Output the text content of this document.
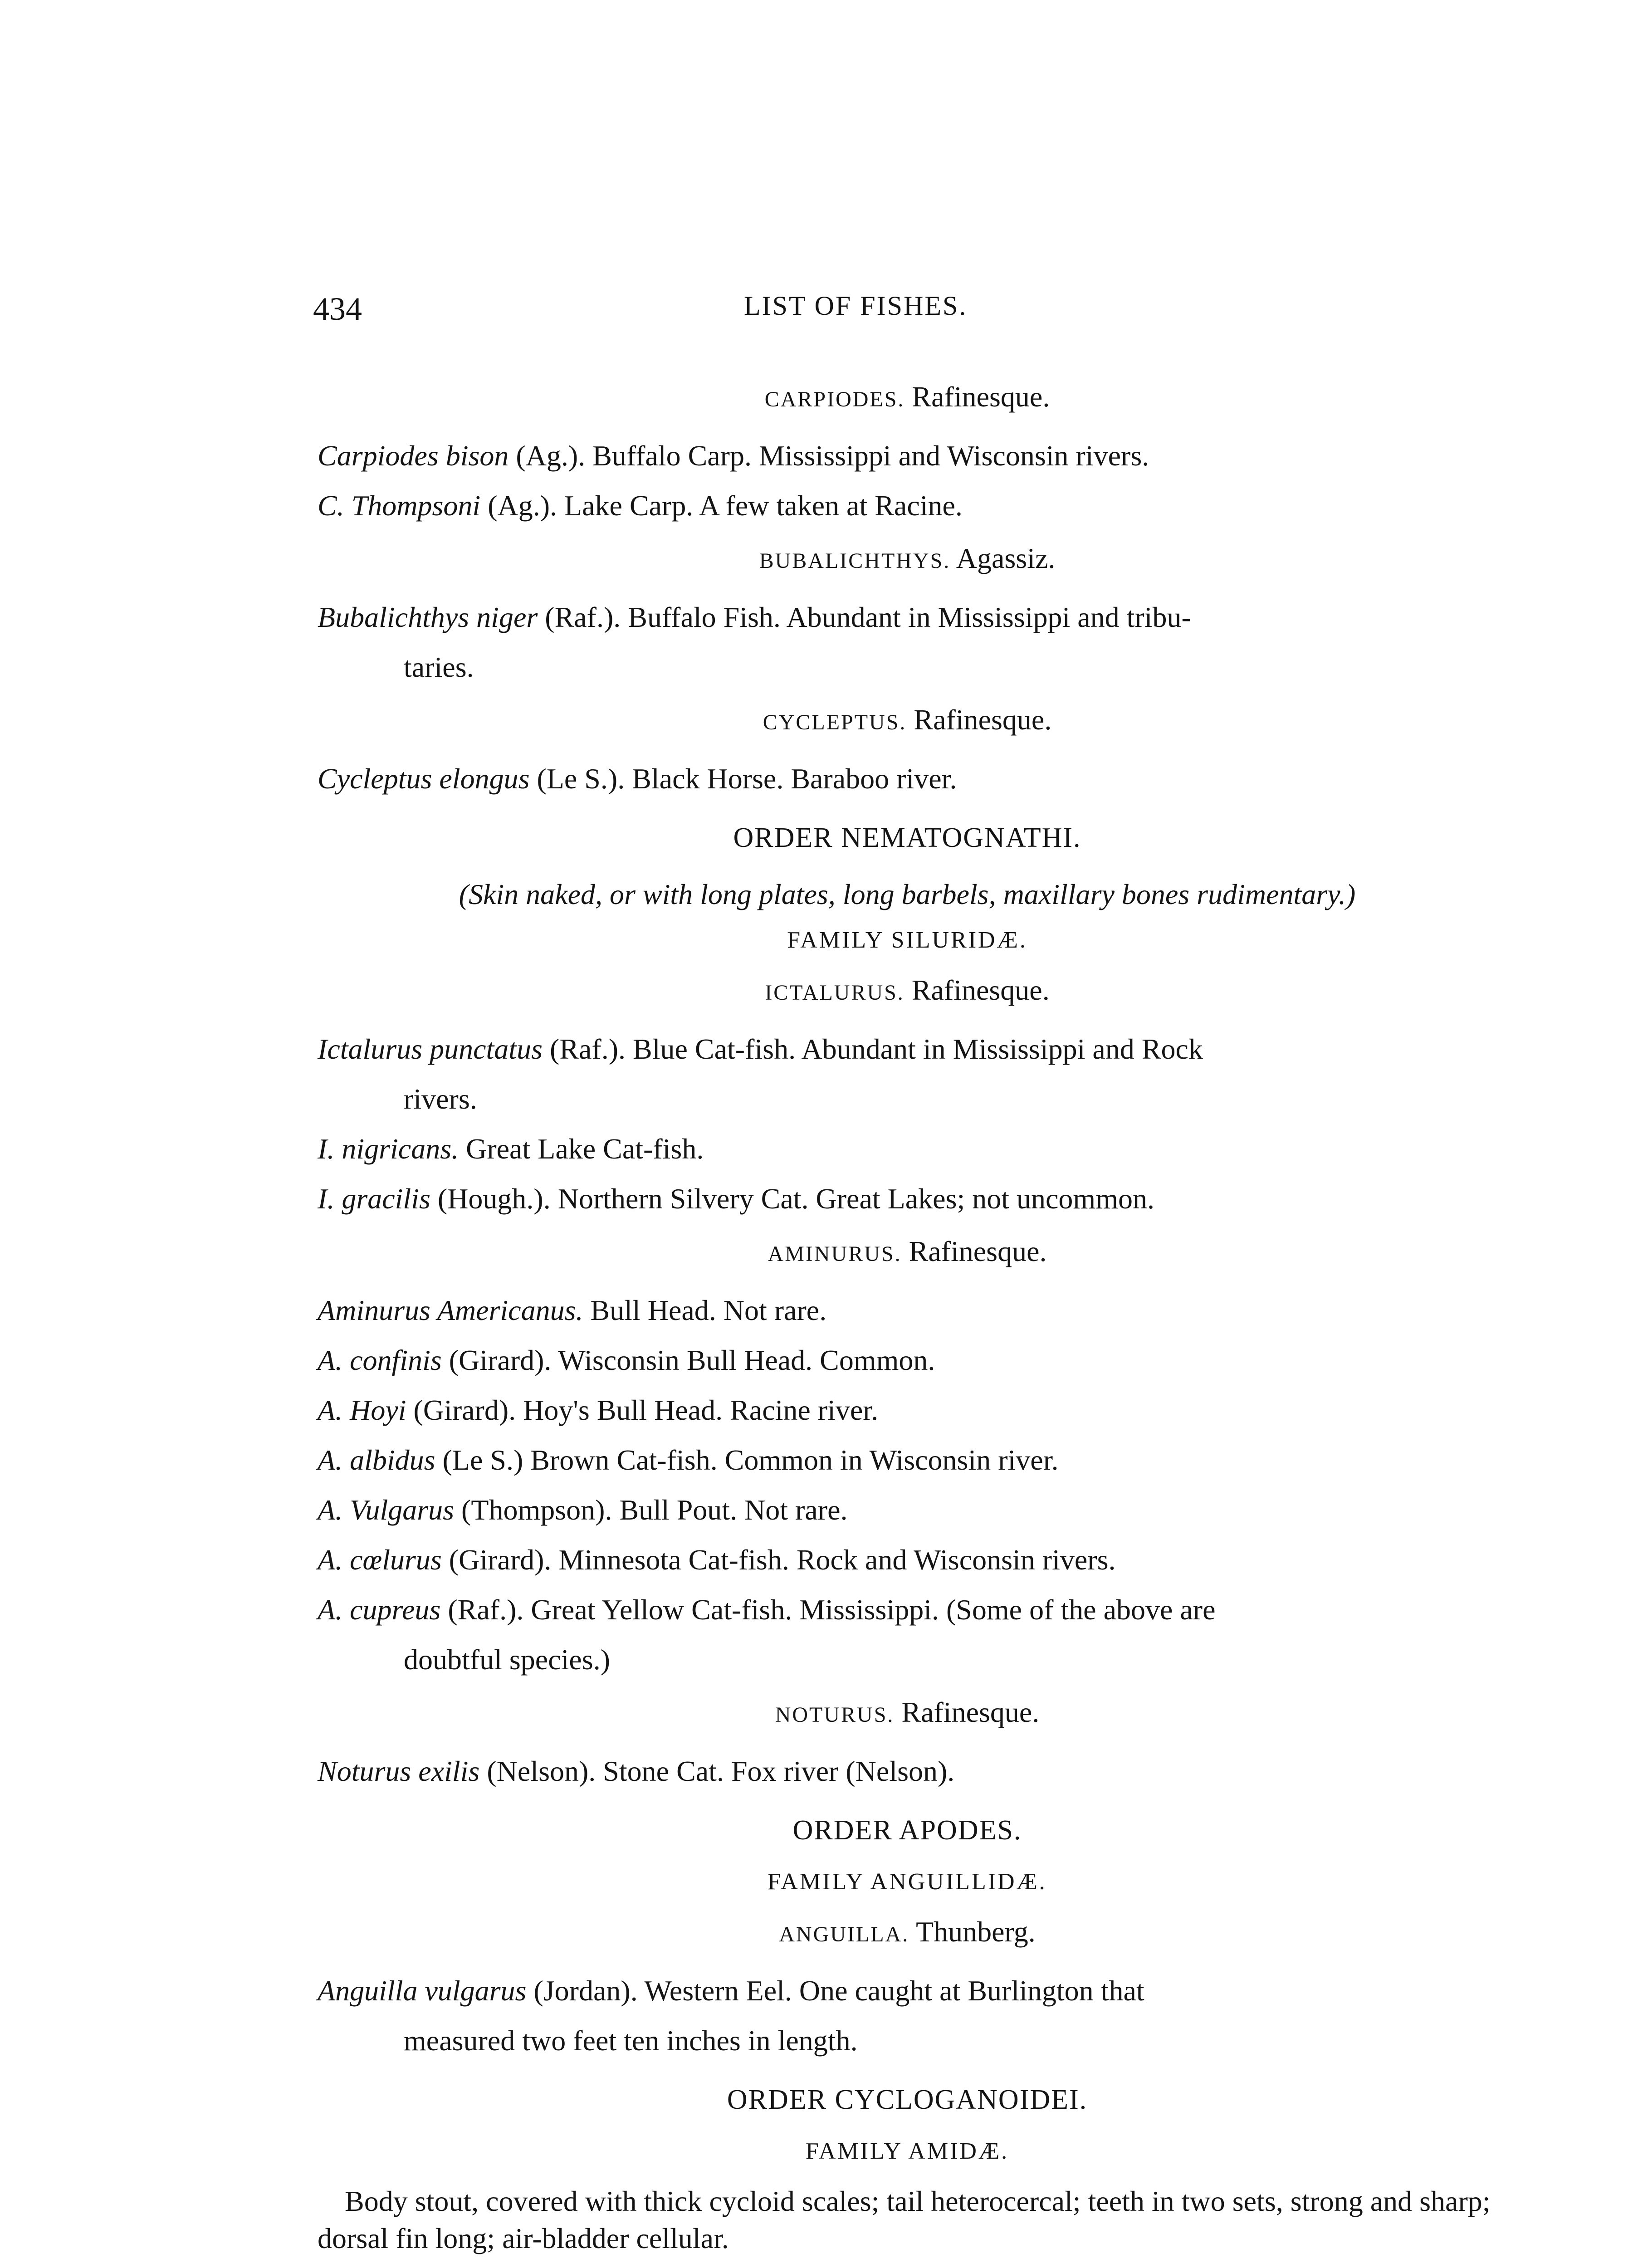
434	LIST OF FISHES.
CARPIODES. Rafinesque.
Carpiodes bison (Ag.). Buffalo Carp. Mississippi and Wisconsin rivers.
C. Thompsoni (Ag.). Lake Carp. A few taken at Racine.
BUBALICHTHYS. Agassiz.
Bubalichthys niger (Raf.). Buffalo Fish. Abundant in Mississippi and tribu-
taries.
CYCLEPTUS. Rafinesque.
Cycleptus elongus (Le S.). Black Horse. Baraboo river.
ORDER NEMATOGNATHI.
(Skin naked, or with long plates, long barbels, maxillary bones rudimentary.)
FAMILY SILURIDÆ.
ICTALURUS. Rafinesque.
Ictalurus punctatus (Raf.). Blue Cat-fish. Abundant in Mississippi and Rock
rivers.
I. nigricans. Great Lake Cat-fish.
I. gracilis (Hough.). Northern Silvery Cat. Great Lakes; not uncommon.
AMINURUS. Rafinesque.
Aminurus Americanus. Bull Head. Not rare.
A. confinis (Girard). Wisconsin Bull Head. Common.
A. Hoyi (Girard). Hoy's Bull Head. Racine river.
A. albidus (Le S.) Brown Cat-fish. Common in Wisconsin river.
A. Vulgarus (Thompson). Bull Pout. Not rare.
A. cœlurus (Girard). Minnesota Cat-fish. Rock and Wisconsin rivers.
A. cupreus (Raf.). Great Yellow Cat-fish. Mississippi. (Some of the above are
doubtful species.)
NOTURUS. Rafinesque.
Noturus exilis (Nelson). Stone Cat. Fox river (Nelson).
ORDER APODES.
FAMILY ANGUILLIDÆ.
ANGUILLA. Thunberg.
Anguilla vulgarus (Jordan). Western Eel. One caught at Burlington that
measured two feet ten inches in length.
ORDER CYCLOGANOIDEI.
FAMILY AMIDÆ.
Body stout, covered with thick cycloid scales; tail heterocercal; teeth in two sets, strong and sharp; dorsal fin long; air-bladder cellular.
